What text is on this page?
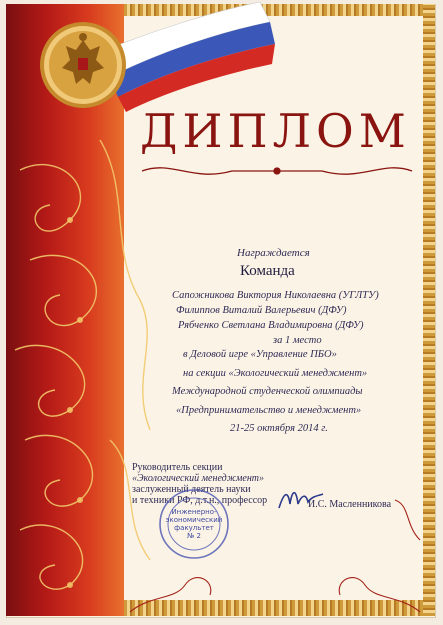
ДИПЛОМ
Награждается
Команда
Сапожникова Виктория Николаевна (УГЛТУ)
Филиппов Виталий Валерьевич (ДФУ)
Рябченко Светлана Владимировна (ДФУ)
за 1 место
в Деловой игре «Управление ПБО»
на секции «Экологический менеджмент»
Международной студенческой олимпиады
«Предпринимательство и менеджмент»
21-25 октября 2014 г.
Руководитель секции
«Экологический менеджмент»
заслуженный деятель науки
и техники РФ, д.т.н., профессор	И.С. Масленникова
Инженерно-
экономический
факультет
№ 2
